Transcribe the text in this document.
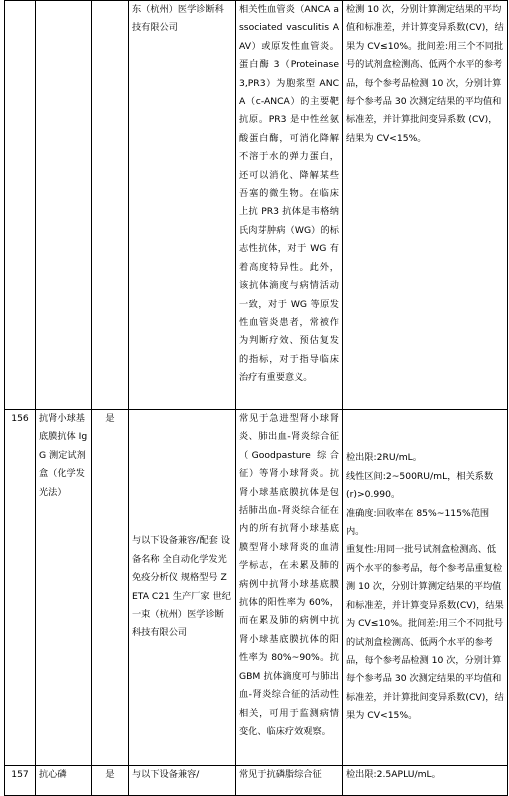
			东（杭州）医学诊断科技有限公司	相关性血管炎（ANCA associated vasculitis AAV）或原发性血管炎。蛋白酶 3（Proteinase3,PR3）为胞浆型 ANCA（c-ANCA）的主要靶抗原。PR3 是中性丝氨酸蛋白酶，可消化降解不溶于水的弹力蛋白，还可以消化、降解某些吾塞的微生物。在临床上抗 PR3 抗体是韦格纳氏肉芽肿病（WG）的标志性抗体，对于 WG 有着高度特异性。此外，该抗体滴度与病情活动一致，对于 WG 等原发性血管炎患者，常被作为判断疗效、预估复发的指标，对于指导临床治疗有重要意义。	检测 10 次，分别计算测定结果的平均值和标准差，并计算变异系数(CV)，结果为 CV≤10%。批间差:用三个不同批号的试剂盒检测高、低两个水平的参考品，每个参考品检测 10 次，分别计算每个参考品 30 次测定结果的平均值和标准差，并计算批间变异系数 (CV)，结果为 CV<15%。
156	抗肾小球基底膜抗体 IgG 测定试剂盒（化学发光法）	是	与以下设备兼容/配套 设备名称 全自动化学发光免疫分析仪 规格型号 ZETA C21 生产厂家 世纪一束（杭州）医学诊断科技有限公司	常见于急进型肾小球肾炎、肺出血-肾炎综合征（Goodpasture 综合征）等肾小球肾炎。抗肾小球基底膜抗体是包括肺出血-肾炎综合征在内的所有抗肾小球基底膜型肾小球肾炎的血清学标志，在未累及肺的病例中抗肾小球基底膜抗体的阳性率为 60%，而在累及肺的病例中抗肾小球基底膜抗体的阳性率为 80%~90%。抗 GBM 抗体滴度可与肺出血-肾炎综合征的活动性相关，可用于监测病情变化、临床疗效观察。	检出限:2RU/mL。

线性区间:2~500RU/mL，相关系数(r)>0.990。

准确度:回收率在 85%~115%范围内。

重复性:用同一批号试剂盒检测高、低两个水平的参考品，每个参考品重复检测 10 次，分别计算测定结果的平均值和标准差，并计算变异系数(CV)，结果为 CV≤10%。批间差:用三个不同批号的试剂盒检测高、低两个水平的参考品，每个参考品检测 10 次，分别计算每个参考品 30 次测定结果的平均值和标准差，并计算批间变异系数(CV)，结果为 CV<15%。

157	抗心磷	是	与以下设备兼容/	常见于抗磷脂综合征	检出限:2.5APLU/mL。
